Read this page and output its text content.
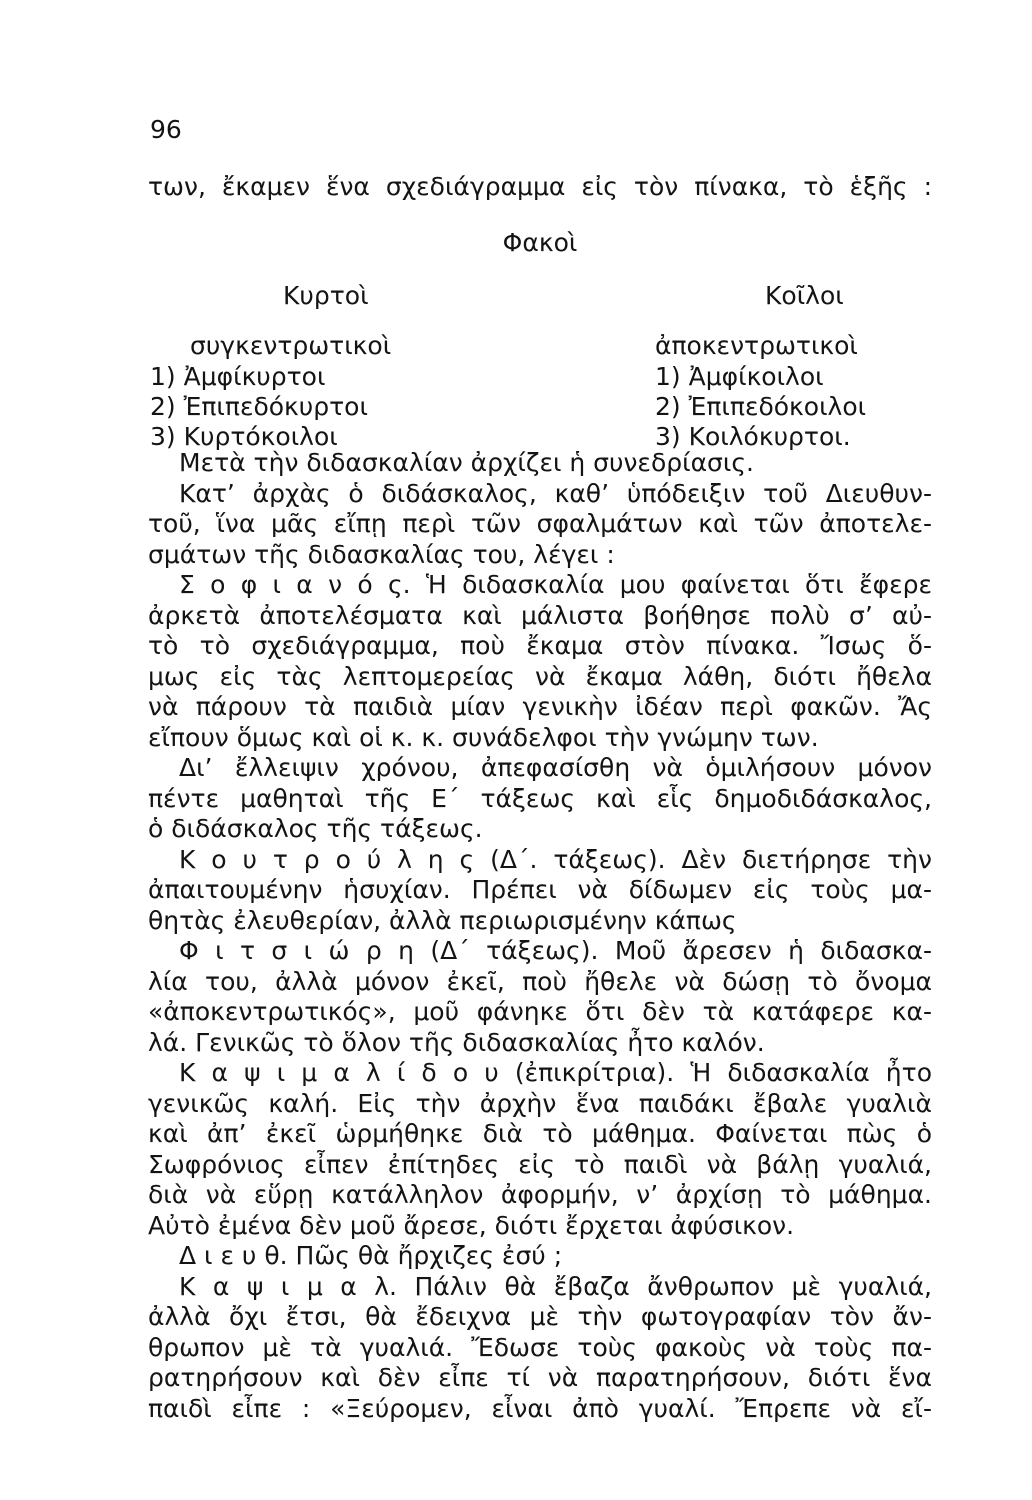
96
των, ἔκαμεν ἕνα σχεδιάγραμμα εἰς τὸν πίνακα, τὸ ἑξῆς :
Φακοὶ
Κυρτοὶ	Κοῖλοι
συγκεντρωτικοὶ	ἀποκεντρωτικοὶ
1) Ἀμφίκυρτοι
2) Ἐπιπεδόκυρτοι
3) Κυρτόκοιλοι
1) Ἀμφίκοιλοι
2) Ἐπιπεδόκοιλοι
3) Κοιλόκυρτοι.
Μετὰ τὴν διδασκαλίαν ἀρχίζει ἡ συνεδρίασις.
Κατ’ ἀρχὰς ὁ διδάσκαλος, καθ’ ὑπόδειξιν τοῦ Διευθυν-
τοῦ, ἵνα μᾶς εἴπῃ περὶ τῶν σφαλμάτων καὶ τῶν ἀποτελε-
σμάτων τῆς διδασκαλίας του, λέγει :
Σ ο φ ι α ν ό ς. Ἡ διδασκαλία μου φαίνεται ὅτι ἔφερε
ἀρκετὰ ἀποτελέσματα καὶ μάλιστα βοήθησε πολὺ σ’ αὐ-
τὸ τὸ σχεδιάγραμμα, ποὺ ἔκαμα στὸν πίνακα. Ἴσως ὅ-
μως εἰς τὰς λεπτομερείας νὰ ἔκαμα λάθη, διότι ἤθελα
νὰ πάρουν τὰ παιδιὰ μίαν γενικὴν ἰδέαν περὶ φακῶν. Ἄς
εἴπουν ὅμως καὶ οἱ κ. κ. συνάδελφοι τὴν γνώμην των.
Δι’ ἔλλειψιν χρόνου, ἀπεφασίσθη νὰ ὁμιλήσουν μόνον
πέντε μαθηταὶ τῆς Ε΄ τάξεως καὶ εἷς δημοδιδάσκαλος,
ὁ διδάσκαλος τῆς τάξεως.
Κ ο υ τ ρ ο ύ λ η ς (Δ΄. τάξεως). Δὲν διετήρησε τὴν
ἀπαιτουμένην ἡσυχίαν. Πρέπει νὰ δίδωμεν εἰς τοὺς μα-
θητὰς ἐλευθερίαν, ἀλλὰ περιωρισμένην κάπως
Φ ι τ σ ι ώ ρ η (Δ΄ τάξεως). Μοῦ ἄρεσεν ἡ διδασκα-
λία του, ἀλλὰ μόνον ἐκεῖ, ποὺ ἤθελε νὰ δώσῃ τὸ ὄνομα
«ἀποκεντρωτικός», μοῦ φάνηκε ὅτι δὲν τὰ κατάφερε κα-
λά. Γενικῶς τὸ ὅλον τῆς διδασκαλίας ἦτο καλόν.
Κ α ψ ι μ α λ ί δ ο υ (ἐπικρίτρια). Ἡ διδασκαλία ἦτο
γενικῶς καλή. Εἰς τὴν ἀρχὴν ἕνα παιδάκι ἔβαλε γυαλιὰ
καὶ ἀπ’ ἐκεῖ ὡρμήθηκε διὰ τὸ μάθημα. Φαίνεται πὼς ὁ
Σωφρόνιος εἶπεν ἐπίτηδες εἰς τὸ παιδὶ νὰ βάλῃ γυαλιά,
διὰ νὰ εὕρῃ κατάλληλον ἀφορμήν, ν’ ἀρχίσῃ τὸ μάθημα.
Αὐτὸ ἐμένα δὲν μοῦ ἄρεσε, διότι ἔρχεται ἀφύσικον.
Δ ι ε υ θ. Πῶς θὰ ἤρχιζες ἐσύ ;
Κ α ψ ι μ α λ. Πάλιν θὰ ἔβαζα ἄνθρωπον μὲ γυαλιά,
ἀλλὰ ὄχι ἔτσι, θὰ ἔδειχνα μὲ τὴν φωτογραφίαν τὸν ἄν-
θρωπον μὲ τὰ γυαλιά. Ἔδωσε τοὺς φακοὺς νὰ τοὺς πα-
ρατηρήσουν καὶ δὲν εἶπε τί νὰ παρατηρήσουν, διότι ἕνα
παιδὶ εἶπε : «Ξεύρομεν, εἶναι ἀπὸ γυαλί. Ἔπρεπε νὰ εἴ-
